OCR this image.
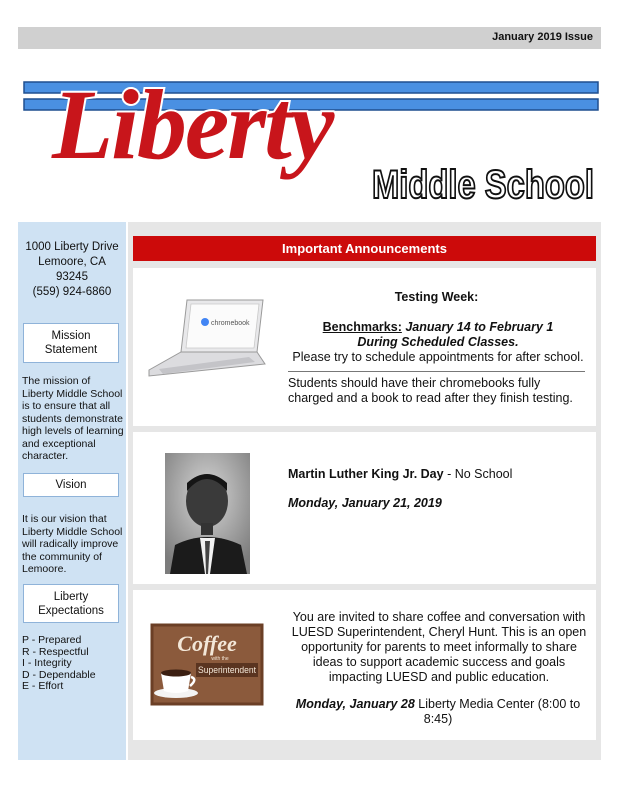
January 2019 Issue
Liberty
Middle School
1000 Liberty Drive
Lemoore, CA
93245
(559) 924-6860
Mission
Statement
The mission of Liberty Middle School is to ensure that all students demonstrate high levels of learning and exceptional character.
Vision
It is our vision that Liberty Middle School will radically improve the community of Lemoore.
Liberty
Expectations
P - Prepared
R - Respectful
I - Integrity
D - Dependable
E - Effort
Important Announcements
chromebook
Testing Week:
Benchmarks: January 14 to February 1
During Scheduled Classes.
Please try to schedule appointments for after school.
Students should have their chromebooks fully charged and a book to read after they finish testing.
Martin Luther King Jr. Day - No School
Monday, January 21, 2019
Coffee
with the
Superintendent
You are invited to share coffee and conversation with LUESD Superintendent, Cheryl Hunt. This is an open opportunity for parents to meet informally to share ideas to support academic success and goals impacting LUESD and public education.
Monday, January 28 Liberty Media Center (8:00 to 8:45)
